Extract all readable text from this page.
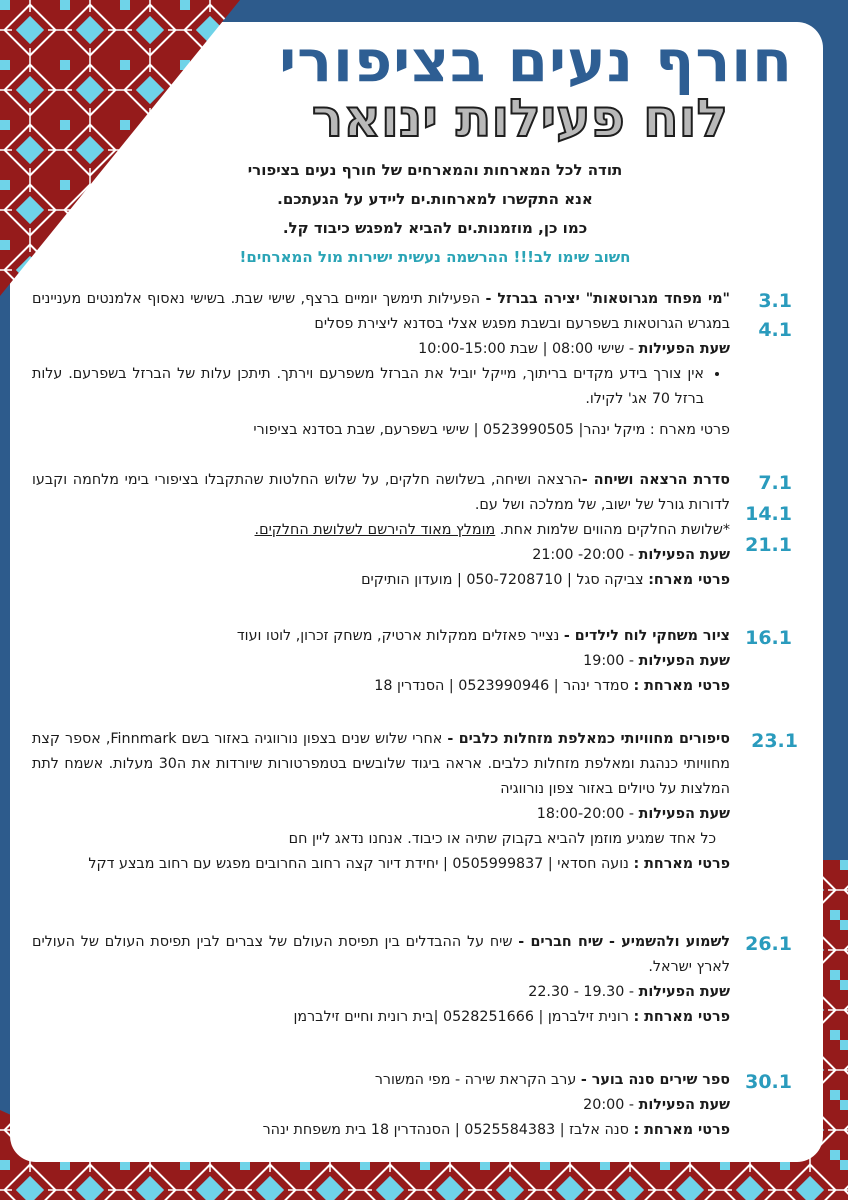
חורף נעים בציפורי
לוח פעילות ינואר
תודה לכל המארחות והמארחים של חורף נעים בציפורי
אנא התקשרו למארחות.ים ליידע על הגעתכם.
כמו כן, מוזמנות.ים להביא למפגש כיבוד קל.
חשוב שימו לב!!! ההרשמה נעשית ישירות מול המארחים!
3.1
4.1

"מי מפחד מגרוטאות" יצירה בברזל - הפעילות תימשך יומיים ברצף, שישי שבת. בשישי נאסוף אלמנטים מעניינים במגרש הגרוטאות בשפרעם ובשבת מפגש אצלי בסדנא ליצירת פסלים

שעת הפעילות - שישי 08:00 | שבת 10:00-15:00

• אין צורך בידע מקדים בריתוך, מייקל יוביל את הברזל משפרעם וירתך. תיתכן עלות של הברזל בשפרעם. עלות ברזל 70 אג' לקילו.

פרטי מארח : מיקל ינהר| 0523990505 | שישי בשפרעם, שבת בסדנא בציפורי

7.1
14.1
21.1

סדרת הרצאה ושיחה -הרצאה ושיחה, בשלושה חלקים, על שלוש החלטות שהתקבלו בציפורי בימי מלחמה וקבעו לדורות גורל של ישוב, של ממלכה ושל עם.

*שלושת החלקים מהווים שלמות אחת. מומלץ מאוד להירשם לשלושת החלקים.

שעת הפעילות - 20:00- 21:00

פרטי מארח: צביקה סגל | 050-7208710 | מועדון הותיקים

16.1

ציור משחקי לוח לילדים - נצייר פאזלים ממקלות ארטיק, משחק זכרון, לוטו ועוד

שעת הפעילות - 19:00

פרטי מארחת : סמדר ינהר | 0523990946 | הסנדרין 18

23.1

סיפורים מחוויותי כמאלפת מזחלות כלבים - אחרי שלוש שנים בצפון נורווגיה באזור בשם Finnmark, אספר קצת מחוויותי כנהגת ומאלפת מזחלות כלבים. אראה ביגוד שלובשים בטמפרטורות שיורדות את ה30 מעלות. אשמח לתת המלצות על טיולים באזור צפון נורווגיה

שעת הפעילות - 18:00-20:00

כל אחד שמגיע מוזמן להביא בקבוק שתיה או כיבוד. אנחנו נדאג ליין חם

פרטי מארחת : נועה חסדאי | 0505999837 | יחידת דיור קצה רחוב החרובים מפגש עם רחוב מבצע דקל

26.1

לשמוע ולהשמיע - שיח חברים - שיח על ההבדלים בין תפיסת העולם של צברים לבין תפיסת העולם של העולים לארץ ישראל.

שעת הפעילות - 19.30 - 22.30

פרטי מארחת : רונית זילברמן | 0528251666 |בית רונית וחיים זילברמן

30.1

ספר שירים סנה בוער - ערב הקראת שירה - מפי המשורר

שעת הפעילות - 20:00

פרטי מארחת : סנה אלבז | 0525584383 | הסנהדרין 18 בית משפחת ינהר
